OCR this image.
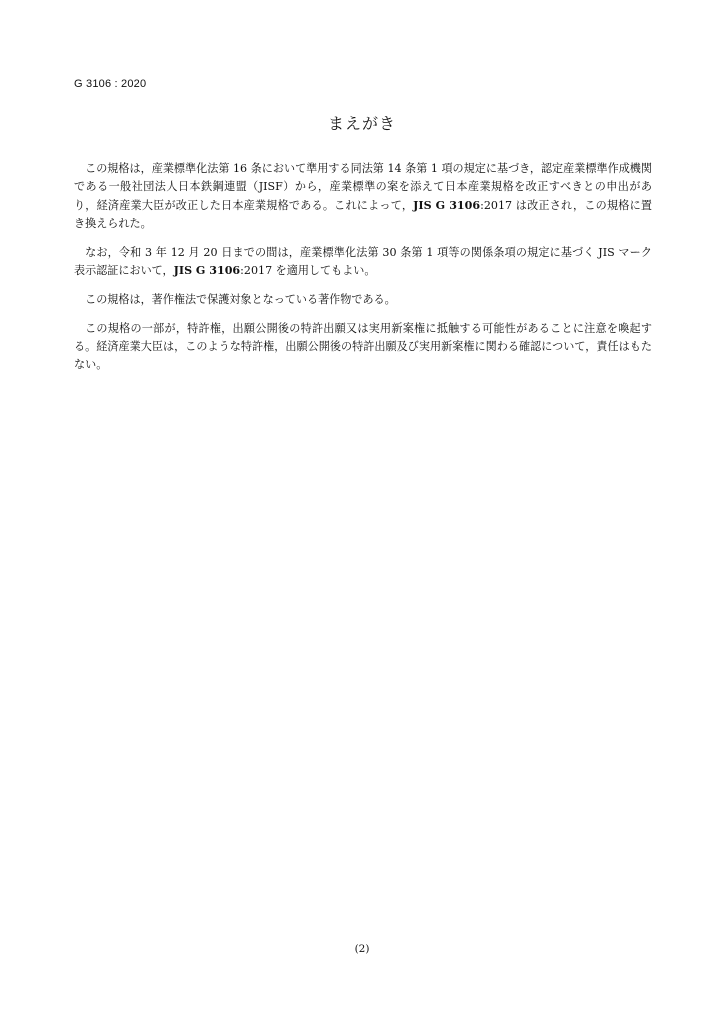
G 3106 : 2020
まえがき

この規格は，産業標準化法第 16 条において準用する同法第 14 条第 1 項の規定に基づき，認定産業標準作成機関である一般社団法人日本鉄鋼連盟（JISF）から，産業標準の案を添えて日本産業規格を改正すべきとの申出があり，経済産業大臣が改正した日本産業規格である。これによって，JIS G 3106:2017 は改正され，この規格に置き換えられた。

なお，令和 3 年 12 月 20 日までの間は，産業標準化法第 30 条第 1 項等の関係条項の規定に基づく JIS マーク表示認証において，JIS G 3106:2017 を適用してもよい。

この規格は，著作権法で保護対象となっている著作物である。

この規格の一部が，特許権，出願公開後の特許出願又は実用新案権に抵触する可能性があることに注意を喚起する。経済産業大臣は，このような特許権，出願公開後の特許出願及び実用新案権に関わる確認について，責任はもたない。

(2)
